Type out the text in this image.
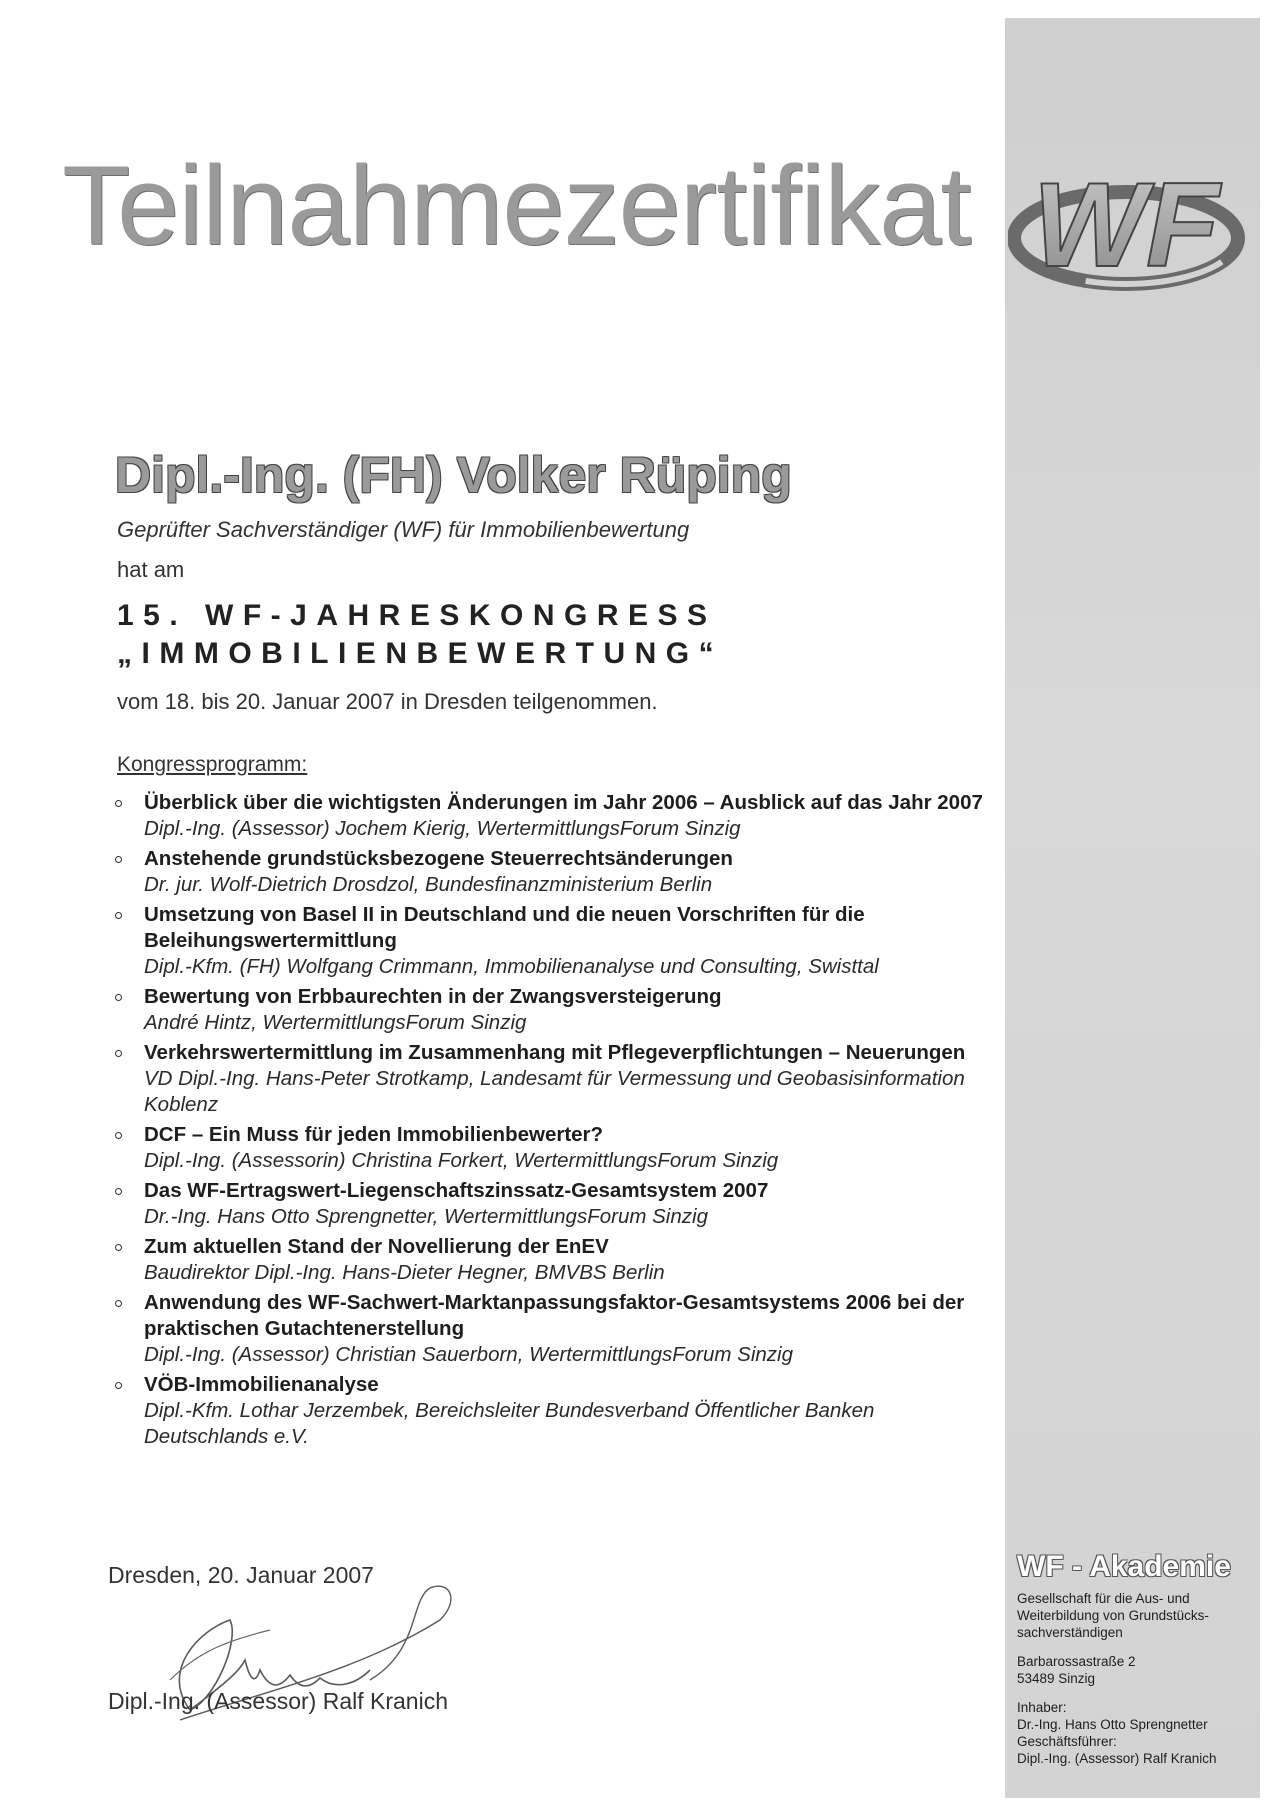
Teilnahmezertifikat WF
Dipl.-Ing. (FH) Volker Rüping
Geprüfter Sachverständiger (WF) für Immobilienbewertung
hat am
15. WF-JAHRESKONGRESS
„IMMOBILIENBEWERTUNG“
vom 18. bis 20. Januar 2007 in Dresden teilgenommen.
Kongressprogramm:
Überblick über die wichtigsten Änderungen im Jahr 2006 – Ausblick auf das Jahr 2007
Dipl.-Ing. (Assessor) Jochem Kierig, WertermittlungsForum Sinzig
Anstehende grundstücksbezogene Steuerrechtsänderungen
Dr. jur. Wolf-Dietrich Drosdzol, Bundesfinanzministerium Berlin
Umsetzung von Basel II in Deutschland und die neuen Vorschriften für die Beleihungswertermittlung
Dipl.-Kfm. (FH) Wolfgang Crimmann, Immobilienanalyse und Consulting, Swisttal
Bewertung von Erbbaurechten in der Zwangsversteigerung
André Hintz, WertermittlungsForum Sinzig
Verkehrswertermittlung im Zusammenhang mit Pflegeverpflichtungen – Neuerungen
VD Dipl.-Ing. Hans-Peter Strotkamp, Landesamt für Vermessung und Geobasisinformation Koblenz
DCF – Ein Muss für jeden Immobilienbewerter?
Dipl.-Ing. (Assessorin) Christina Forkert, WertermittlungsForum Sinzig
Das WF-Ertragswert-Liegenschaftszinssatz-Gesamtsystem 2007
Dr.-Ing. Hans Otto Sprengnetter, WertermittlungsForum Sinzig
Zum aktuellen Stand der Novellierung der EnEV
Baudirektor Dipl.-Ing. Hans-Dieter Hegner, BMVBS Berlin
Anwendung des WF-Sachwert-Marktanpassungsfaktor-Gesamtsystems 2006 bei der praktischen Gutachtenerstellung
Dipl.-Ing. (Assessor) Christian Sauerborn, WertermittlungsForum Sinzig
VÖB-Immobilienanalyse
Dipl.-Kfm. Lothar Jerzembek, Bereichsleiter Bundesverband Öffentlicher Banken Deutschlands e.V.
Dresden, 20. Januar 2007
Dipl.-Ing. (Assessor) Ralf Kranich
WF - Akademie
Gesellschaft für die Aus- und
Weiterbildung von Grundstücks-
sachverständigen
Barbarossastraße 2
53489 Sinzig
Inhaber:
Dr.-Ing. Hans Otto Sprengnetter
Geschäftsführer:
Dipl.-Ing. (Assessor) Ralf Kranich
